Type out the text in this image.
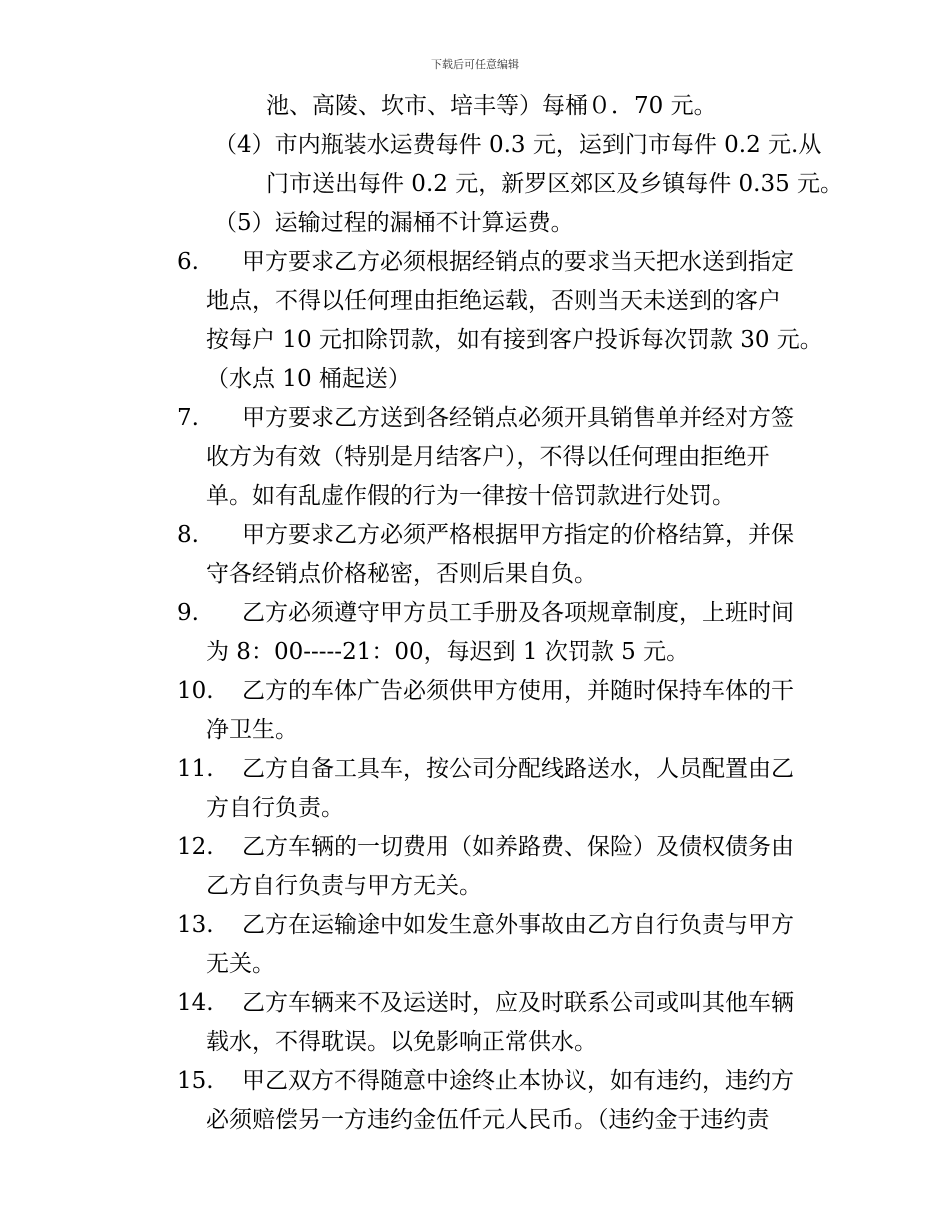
下载后可任意编辑
池、高陵、坎市、培丰等）每桶０．70 元。
（4）市内瓶装水运费每件 0.3 元，运到门市每件 0.2 元.从
门市送出每件 0.2 元，新罗区郊区及乡镇每件 0.35 元。
（5）运输过程的漏桶不计算运费。
6. 甲方要求乙方必须根据经销点的要求当天把水送到指定
地点，不得以任何理由拒绝运载，否则当天未送到的客户
按每户 10 元扣除罚款，如有接到客户投诉每次罚款 30 元。
（水点 10 桶起送）
7. 甲方要求乙方送到各经销点必须开具销售单并经对方签
收方为有效（特别是月结客户），不得以任何理由拒绝开
单。如有乱虚作假的行为一律按十倍罚款进行处罚。
8. 甲方要求乙方必须严格根据甲方指定的价格结算，并保
守各经销点价格秘密，否则后果自负。
9. 乙方必须遵守甲方员工手册及各项规章制度，上班时间
为 8：00-----21：00，每迟到 1 次罚款 5 元。
10. 乙方的车体广告必须供甲方使用，并随时保持车体的干
净卫生。
11. 乙方自备工具车，按公司分配线路送水，人员配置由乙
方自行负责。
12. 乙方车辆的一切费用（如养路费、保险）及债权债务由
乙方自行负责与甲方无关。
13. 乙方在运输途中如发生意外事故由乙方自行负责与甲方
无关。
14. 乙方车辆来不及运送时，应及时联系公司或叫其他车辆
载水，不得耽误。以免影响正常供水。
15. 甲乙双方不得随意中途终止本协议，如有违约，违约方
必须赔偿另一方违约金伍仟元人民币。（违约金于违约责
